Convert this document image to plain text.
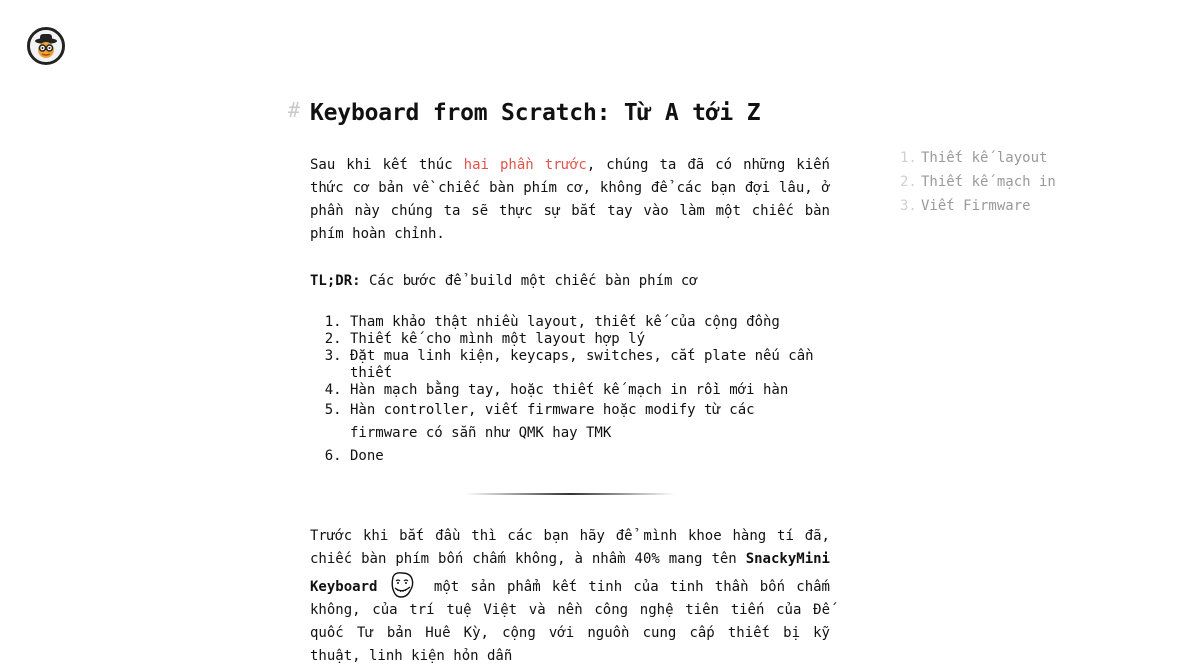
# Keyboard from Scratch: Từ A tới Z

Sau khi kết thúc hai phần trước, chúng ta đã có những kiến thức cơ bản về chiếc bàn phím cơ, không để các bạn đợi lâu, ở phần này chúng ta sẽ thực sự bắt tay vào làm một chiếc bàn phím hoàn chỉnh.

TL;DR: Các bước để build một chiếc bàn phím cơ
1. Tham khảo thật nhiều layout, thiết kế của cộng đồng
2. Thiết kế cho mình một layout hợp lý
3. Đặt mua linh kiện, keycaps, switches, cắt plate nếu cần thiết
4. Hàn mạch bằng tay, hoặc thiết kế mạch in rồi mới hàn
5. Hàn controller, viết firmware hoặc modify từ các firmware có sẵn như QMK hay TMK
6. Done

Trước khi bắt đầu thì các bạn hãy để mình khoe hàng tí đã, chiếc bàn phím bốn chấm không, à nhầm 40% mang tên SnackyMini Keyboard	một sản phẩm kết tinh của tinh thần bốn chấm không, của trí tuệ Việt và nền công nghệ tiên tiến của Đế quốc Tư bản Huê Kỳ, cộng với nguồn cung cấp thiết bị kỹ thuật, linh kiện hỏn dẫn

1. Thiết kế layout
2. Thiết kế mạch in
3. Viết Firmware
